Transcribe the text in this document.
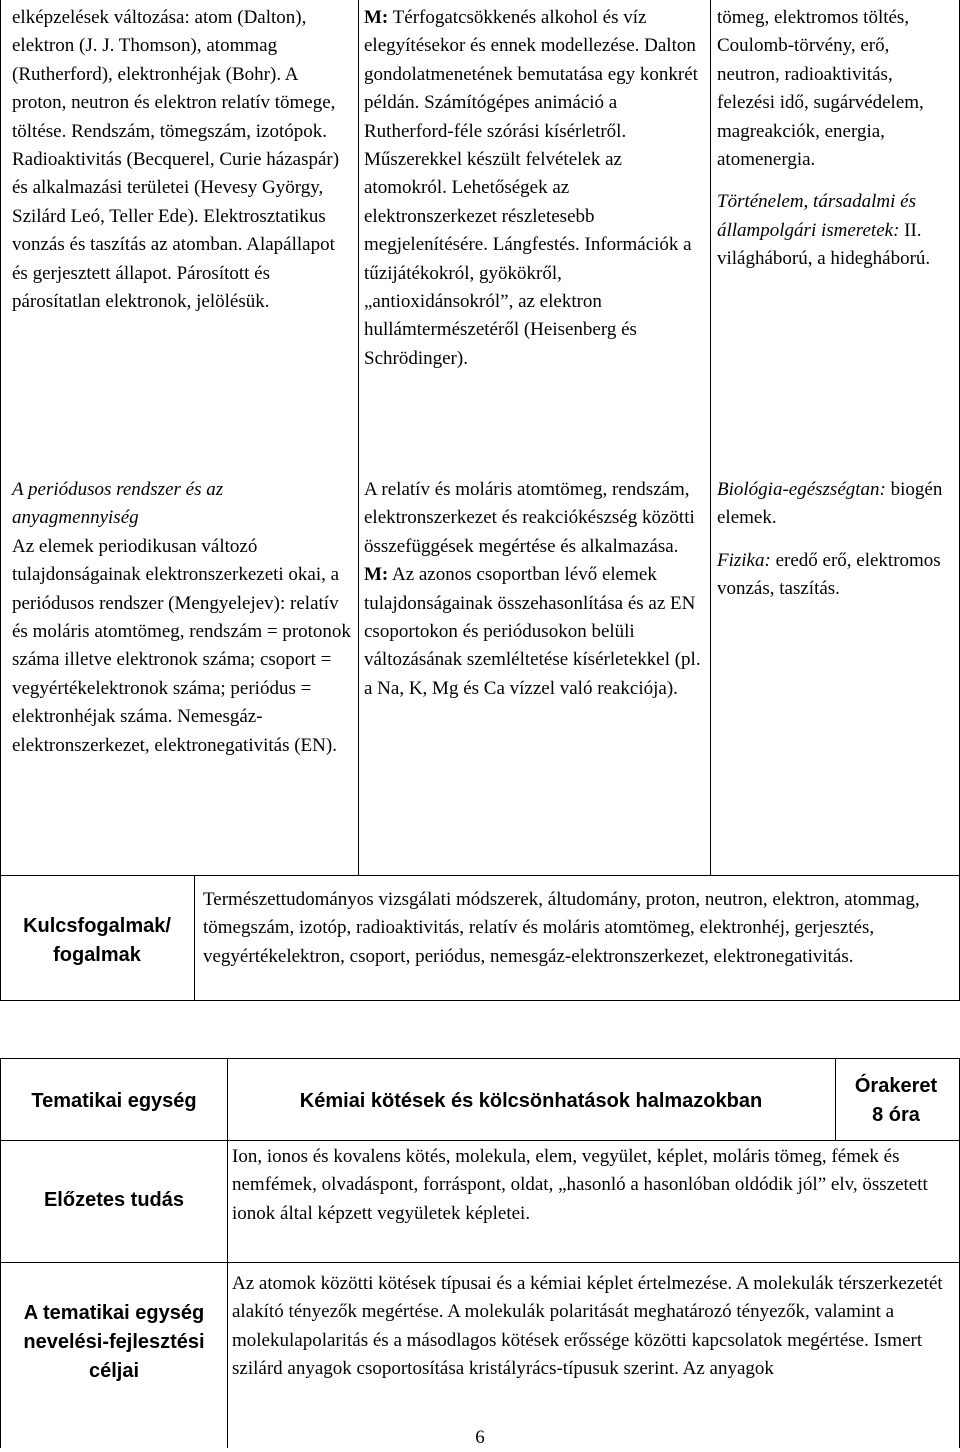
elképzelések változása: atom (Dalton), elektron (J. J. Thomson), atommag (Rutherford), elektronhéjak (Bohr). A proton, neutron és elektron relatív tömege, töltése. Rendszám, tömegszám, izotópok. Radioaktivitás (Becquerel, Curie házaspár) és alkalmazási területei (Hevesy György, Szilárd Leó, Teller Ede). Elektrosztatikus vonzás és taszítás az atomban. Alapállapot és gerjesztett állapot. Párosított és párosítatlan elektronok, jelölésük.

M: Térfogatcsökkenés alkohol és víz elegyítésekor és ennek modellezése. Dalton gondolatmenetének bemutatása egy konkrét példán. Számítógépes animáció a Rutherford-féle szórási kísérletről. Műszerekkel készült felvételek az atomokról. Lehetőségek az elektronszerkezet részletesebb megjelenítésére. Lángfestés. Információk a tűzijátékokról, gyökökről, „antioxidánsokról”, az elektron hullámtermészetéről (Heisenberg és Schrödinger).

tömeg, elektromos töltés, Coulomb-törvény, erő, neutron, radioaktivitás, felezési idő, sugárvédelem, magreakciók, energia, atomenergia.

Történelem, társadalmi és állampolgári ismeretek: II. világháború, a hidegháború.

A periódusos rendszer és az anyagmennyiség

Az elemek periodikusan változó tulajdonságainak elektronszerkezeti okai, a periódusos rendszer (Mengyelejev): relatív és moláris atomtömeg, rendszám = protonok száma illetve elektronok száma; csoport = vegyértékelektronok száma; periódus = elektronhéjak száma. Nemesgáz-elektronszerkezet, elektronegativitás (EN).

A relatív és moláris atomtömeg, rendszám, elektronszerkezet és reakciókészség közötti összefüggések megértése és alkalmazása.

M: Az azonos csoportban lévő elemek tulajdonságainak összehasonlítása és az EN csoportokon és periódusokon belüli változásának szemléltetése kísérletekkel (pl. a Na, K, Mg és Ca vízzel való reakciója).

Biológia-egészségtan: biogén elemek.

Fizika: eredő erő, elektromos vonzás, taszítás.

Kulcsfogalmak/ fogalmak
Természettudományos vizsgálati módszerek, áltudomány, proton, neutron, elektron, atommag, tömegszám, izotóp, radioaktivitás, relatív és moláris atomtömeg, elektronhéj, gerjesztés, vegyértékelektron, csoport, periódus, nemesgáz-elektronszerkezet, elektronegativitás.
Tematikai egység	Kémiai kötések és kölcsönhatások halmazokban
Órakeret
8 óra
Előzetes tudás
Ion, ionos és kovalens kötés, molekula, elem, vegyület, képlet, moláris tömeg, fémek és nemfémek, olvadáspont, forráspont, oldat, „hasonló a hasonlóban oldódik jól” elv, összetett ionok által képzett vegyületek képletei.
A tematikai egység nevelési-fejlesztési céljai
Az atomok közötti kötések típusai és a kémiai képlet értelmezése. A molekulák térszerkezetét alakító tényezők megértése. A molekulák polaritását meghatározó tényezők, valamint a molekulapolaritás és a másodlagos kötések erőssége közötti kapcsolatok megértése. Ismert szilárd anyagok csoportosítása kristályrács-típusuk szerint. Az anyagok
6
